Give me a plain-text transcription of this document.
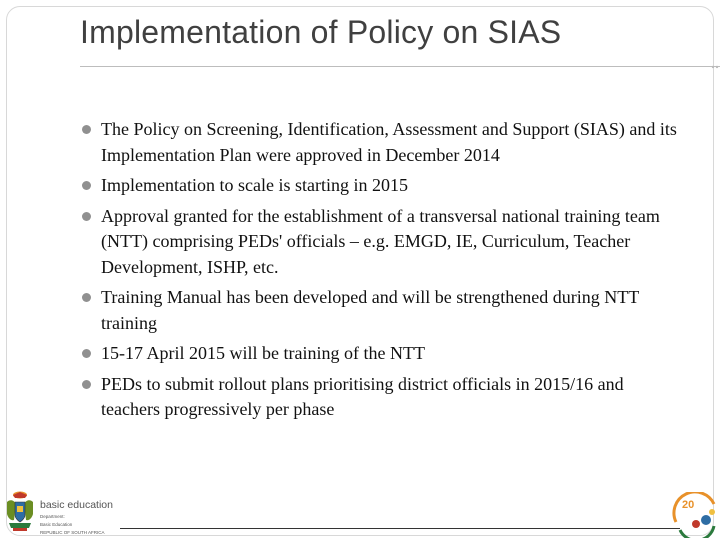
Implementation of Policy on SIAS
The Policy on Screening, Identification, Assessment and Support (SIAS) and its Implementation Plan were approved in December 2014
Implementation to scale is starting in 2015
Approval granted for the establishment of a transversal national training team (NTT) comprising PEDs' officials – e.g. EMGD, IE, Curriculum, Teacher Development, ISHP, etc.
Training Manual has been developed and will be strengthened during NTT training
15-17 April 2015 will be training of the NTT
PEDs to submit rollout plans prioritising district officials in 2015/16 and teachers progressively per phase
basic education
Department:
Basic Education
REPUBLIC OF SOUTH AFRICA
20
